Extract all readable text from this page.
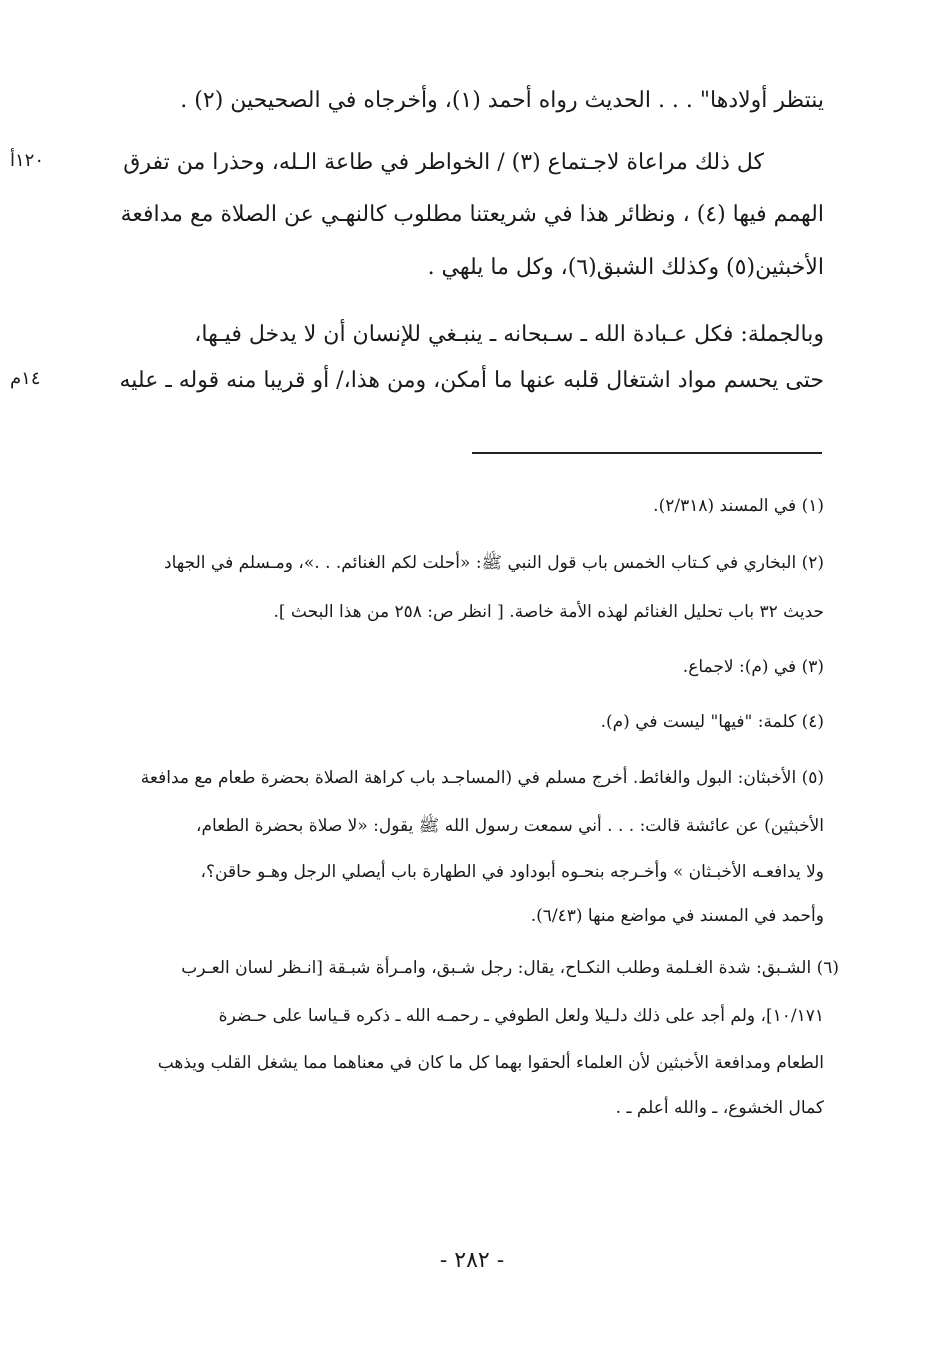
ينتظر أولادها" . . . الحديث رواه أحمد (١)، وأخرجاه في الصحيحين (٢) .
كل ذلك مراعاة لاجـتماع (٣) / الخواطر في طاعة الـله، وحذرا من تفرق
الهمم فيها (٤) ، ونظائر هذا في شريعتنا مطلوب كالنهـي عن الصلاة مع مدافعة
الأخبثين(٥) وكذلك الشبق(٦)، وكل ما يلهي .
وبالجملة: فكل عـبادة الله ـ سـبحانه ـ ينبـغي للإنسان أن لا يدخل فيـها،
حتى يحسم مواد اشتغال قلبه عنها ما أمكن، ومن هذا،/ أو قريبا منه قوله ـ عليه
١٢٠أ
١٤م
(١) في المسند (٢/٣١٨).
(٢) البخاري في كـتاب الخمس باب قول النبي ﷺ: «أحلت لكم الغنائم. . .»، ومـسلم في الجهاد
حديث ٣٢ باب تحليل الغنائم لهذه الأمة خاصة. [ انظر ص: ٢٥٨ من هذا البحث ].
(٣) في (م): لاجماع.
(٤) كلمة: "فيها" ليست في (م).
(٥) الأخبثان: البول والغائط. أخرج مسلم في (المساجـد باب كراهة الصلاة بحضرة طعام مع مدافعة
الأخبثين) عن عائشة قالت: . . . أني سمعت رسول الله ﷺ يقول: «لا صلاة بحضرة الطعام،
ولا يدافعـه الأخبـثان » وأخـرجه بنحـوه أبوداود في الطهارة باب أيصلي الرجل وهـو حاقن؟،
وأحمد في المسند في مواضع منها (٦/٤٣).
(٦) الشـبق: شدة الغـلمة وطلب النكـاح، يقال: رجل شـبق، وامـرأة شبـقة [انـظر لسان العـرب
١٠/١٧١]، ولم أجد على ذلك دلـيلا ولعل الطوفي ـ رحمـه الله ـ ذكره قـياسا على حـضرة
الطعام ومدافعة الأخبثين لأن العلماء ألحقوا بهما كل ما كان في معناهما مما يشغل القلب ويذهب
كمال الخشوع، ـ والله أعلم ـ .
- ٢٨٢ -
